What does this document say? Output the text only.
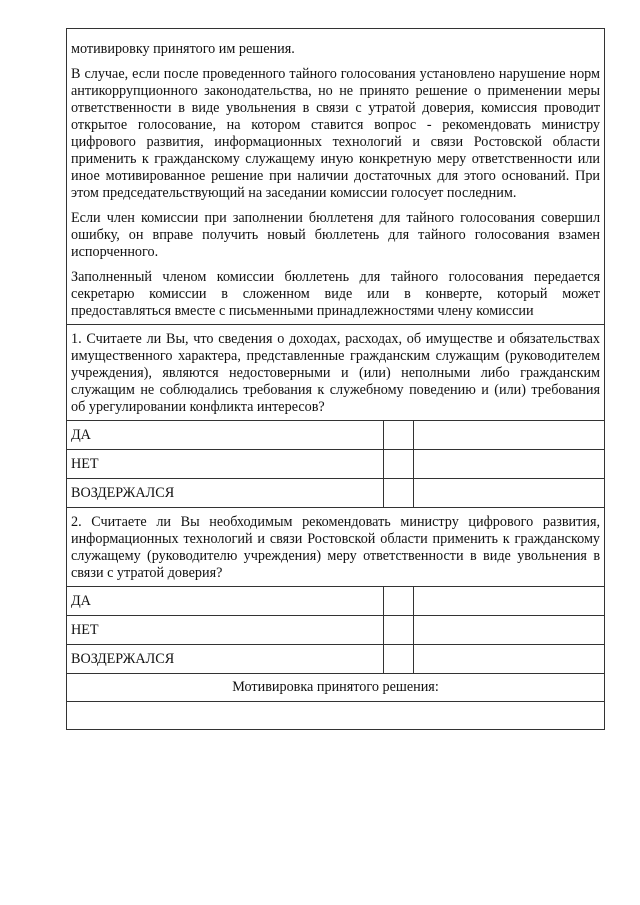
мотивировку принятого им решения.

В случае, если после проведенного тайного голосования установлено нарушение норм антикоррупционного законодательства, но не принято решение о применении меры ответственности в виде увольнения в связи с утратой доверия, комиссия проводит открытое голосование, на котором ставится вопрос - рекомендовать министру цифрового развития, информационных технологий и связи Ростовской области применить к гражданскому служащему иную конкретную меру ответственности или иное мотивированное решение при наличии достаточных для этого оснований. При этом председательствующий на заседании комиссии голосует последним.

Если член комиссии при заполнении бюллетеня для тайного голосования совершил ошибку, он вправе получить новый бюллетень для тайного голосования взамен испорченного.

Заполненный членом комиссии бюллетень для тайного голосования передается секретарю комиссии в сложенном виде или в конверте, который может предоставляться вместе с письменными принадлежностями члену комиссии		

1. Считаете ли Вы, что сведения о доходах, расходах, об имуществе и обязательствах имущественного характера, представленные гражданским служащим (руководителем учреждения), являются недостоверными и (или) неполными либо гражданским служащим не соблюдались требования к служебному поведению и (или) требования об урегулировании конфликта интересов?		
ДА		
НЕТ		
ВОЗДЕРЖАЛСЯ		
2. Считаете ли Вы необходимым рекомендовать министру цифрового развития, информационных технологий и связи Ростовской области применить к гражданскому служащему (руководителю учреждения) меру ответственности в виде увольнения в связи с утратой доверия?		
ДА		
НЕТ		
ВОЗДЕРЖАЛСЯ		
Мотивировка принятого решения:		
